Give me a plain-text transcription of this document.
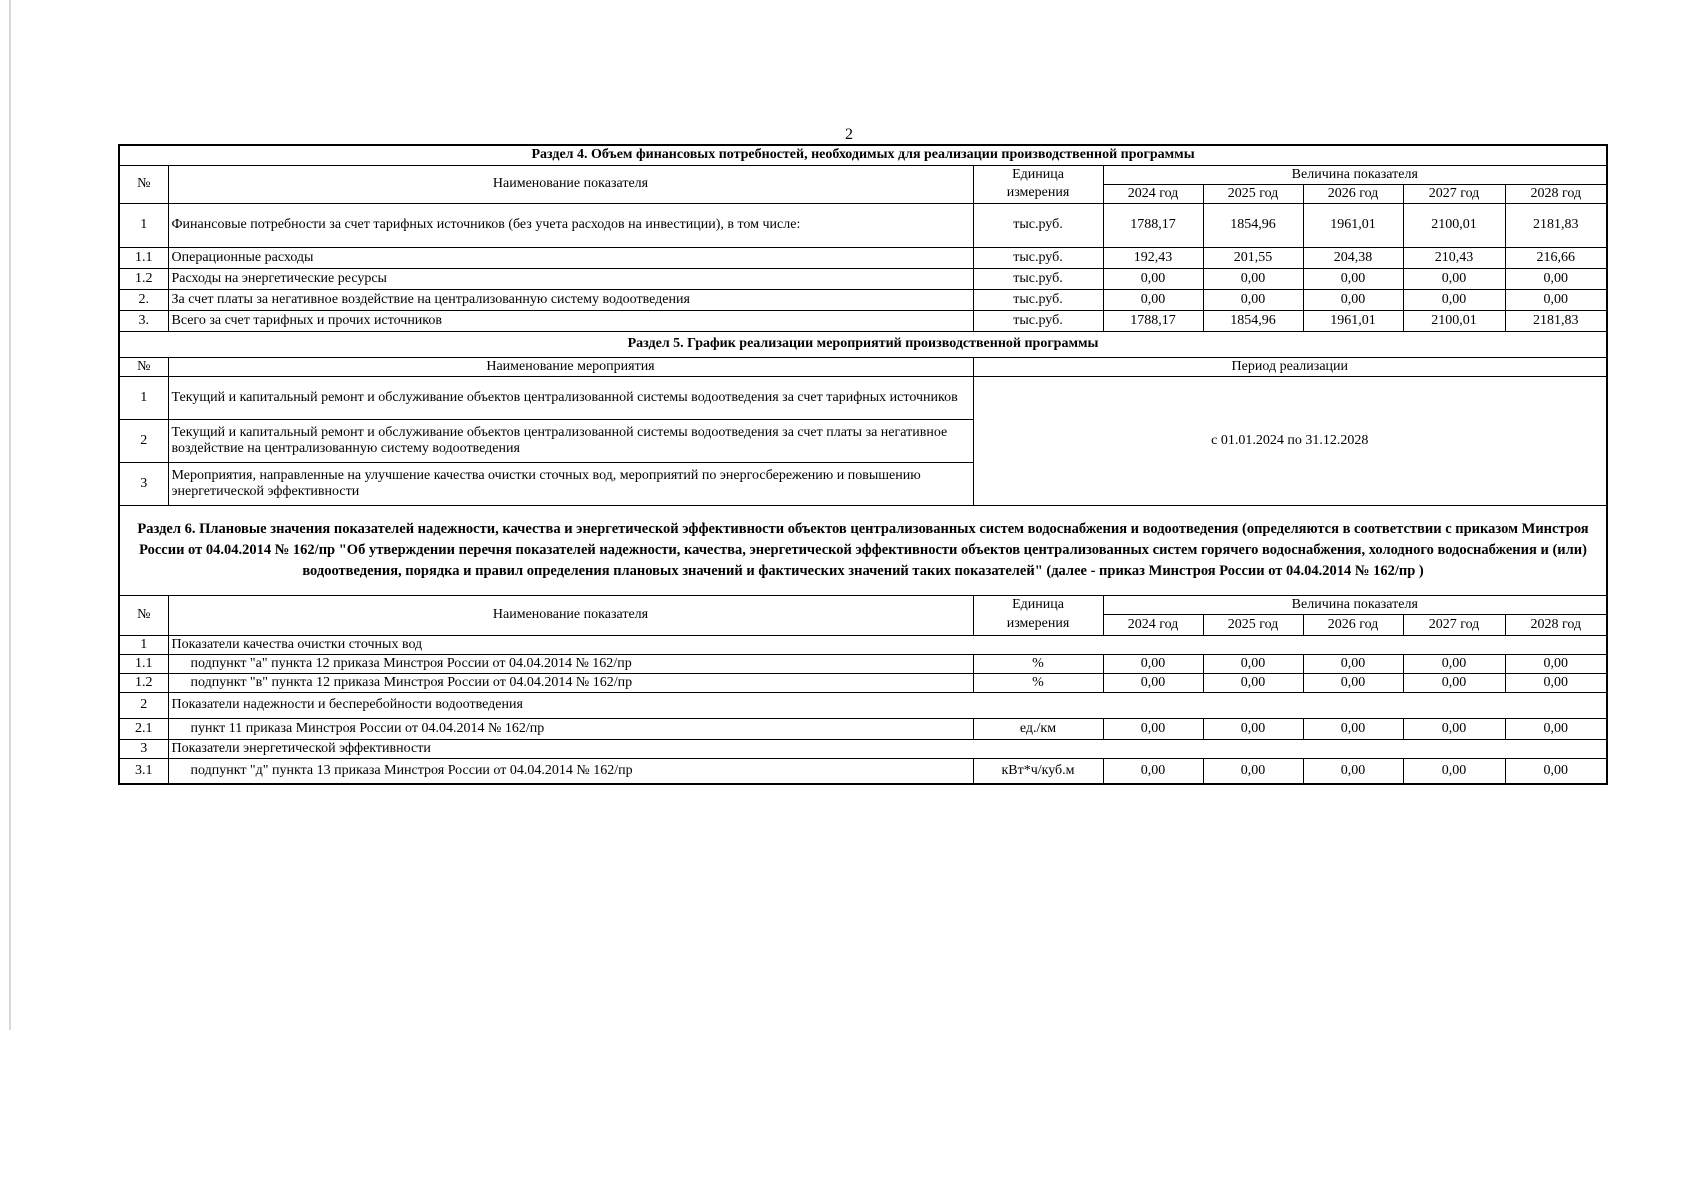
2
Раздел 4. Объем финансовых потребностей, необходимых для реализации производственной программы							
№	Наименование показателя	Единица	Величина показателя				
		измерения	2024 год	2025 год	2026 год	2027 год	2028 год
1	Финансовые потребности за счет тарифных источников (без учета расходов на инвестиции), в том числе:	тыс.руб.	1788,17	1854,96	1961,01	2100,01	2181,83
1.1	Операционные расходы	тыс.руб.	192,43	201,55	204,38	210,43	216,66
1.2	Расходы на энергетические ресурсы	тыс.руб.	0,00	0,00	0,00	0,00	0,00
2.	За счет платы за негативное воздействие на централизованную систему водоотведения	тыс.руб.	0,00	0,00	0,00	0,00	0,00
3.	Всего за счет тарифных и прочих источников	тыс.руб.	1788,17	1854,96	1961,01	2100,01	2181,83
Раздел 5. График реализации мероприятий производственной программы							
№	Наименование мероприятия	Период реализации					
1	Текущий и капитальный ремонт и обслуживание объектов централизованной системы водоотведения за счет тарифных источников	с 01.01.2024 по 31.12.2028					
2	Текущий и капитальный ремонт и обслуживание объектов централизованной системы водоотведения за счет платы за негативное воздействие на централизованную систему водоотведения						
3	Мероприятия, направленные на улучшение качества очистки сточных вод, мероприятий по энергосбережению и повышению энергетической эффективности						
Раздел 6. Плановые значения показателей надежности, качества и энергетической эффективности объектов централизованных систем водоснабжения и водоотведения (определяются в соответствии с приказом Минстроя России от 04.04.2014 № 162/пр "Об утверждении перечня показателей надежности, качества, энергетической эффективности объектов централизованных систем горячего водоснабжения, холодного водоснабжения и (или) водоотведения, порядка и правил определения плановых значений и фактических значений таких показателей" (далее - приказ Минстроя России от 04.04.2014 № 162/пр )							
№	Наименование показателя	Единица	Величина показателя				
		измерения	2024 год	2025 год	2026 год	2027 год	2028 год
1	Показатели качества очистки сточных вод						
1.1	подпункт "а" пункта 12 приказа Минстроя России от 04.04.2014 № 162/пр	%	0,00	0,00	0,00	0,00	0,00
1.2	подпункт "в" пункта 12 приказа Минстроя России от 04.04.2014 № 162/пр	%	0,00	0,00	0,00	0,00	0,00
2	Показатели надежности и бесперебойности водоотведения						
2.1	пункт 11 приказа Минстроя России от 04.04.2014 № 162/пр	ед./км	0,00	0,00	0,00	0,00	0,00
3	Показатели энергетической эффективности						
3.1	подпункт "д" пункта 13 приказа Минстроя России от 04.04.2014 № 162/пр	кВт*ч/куб.м	0,00	0,00	0,00	0,00	0,00
